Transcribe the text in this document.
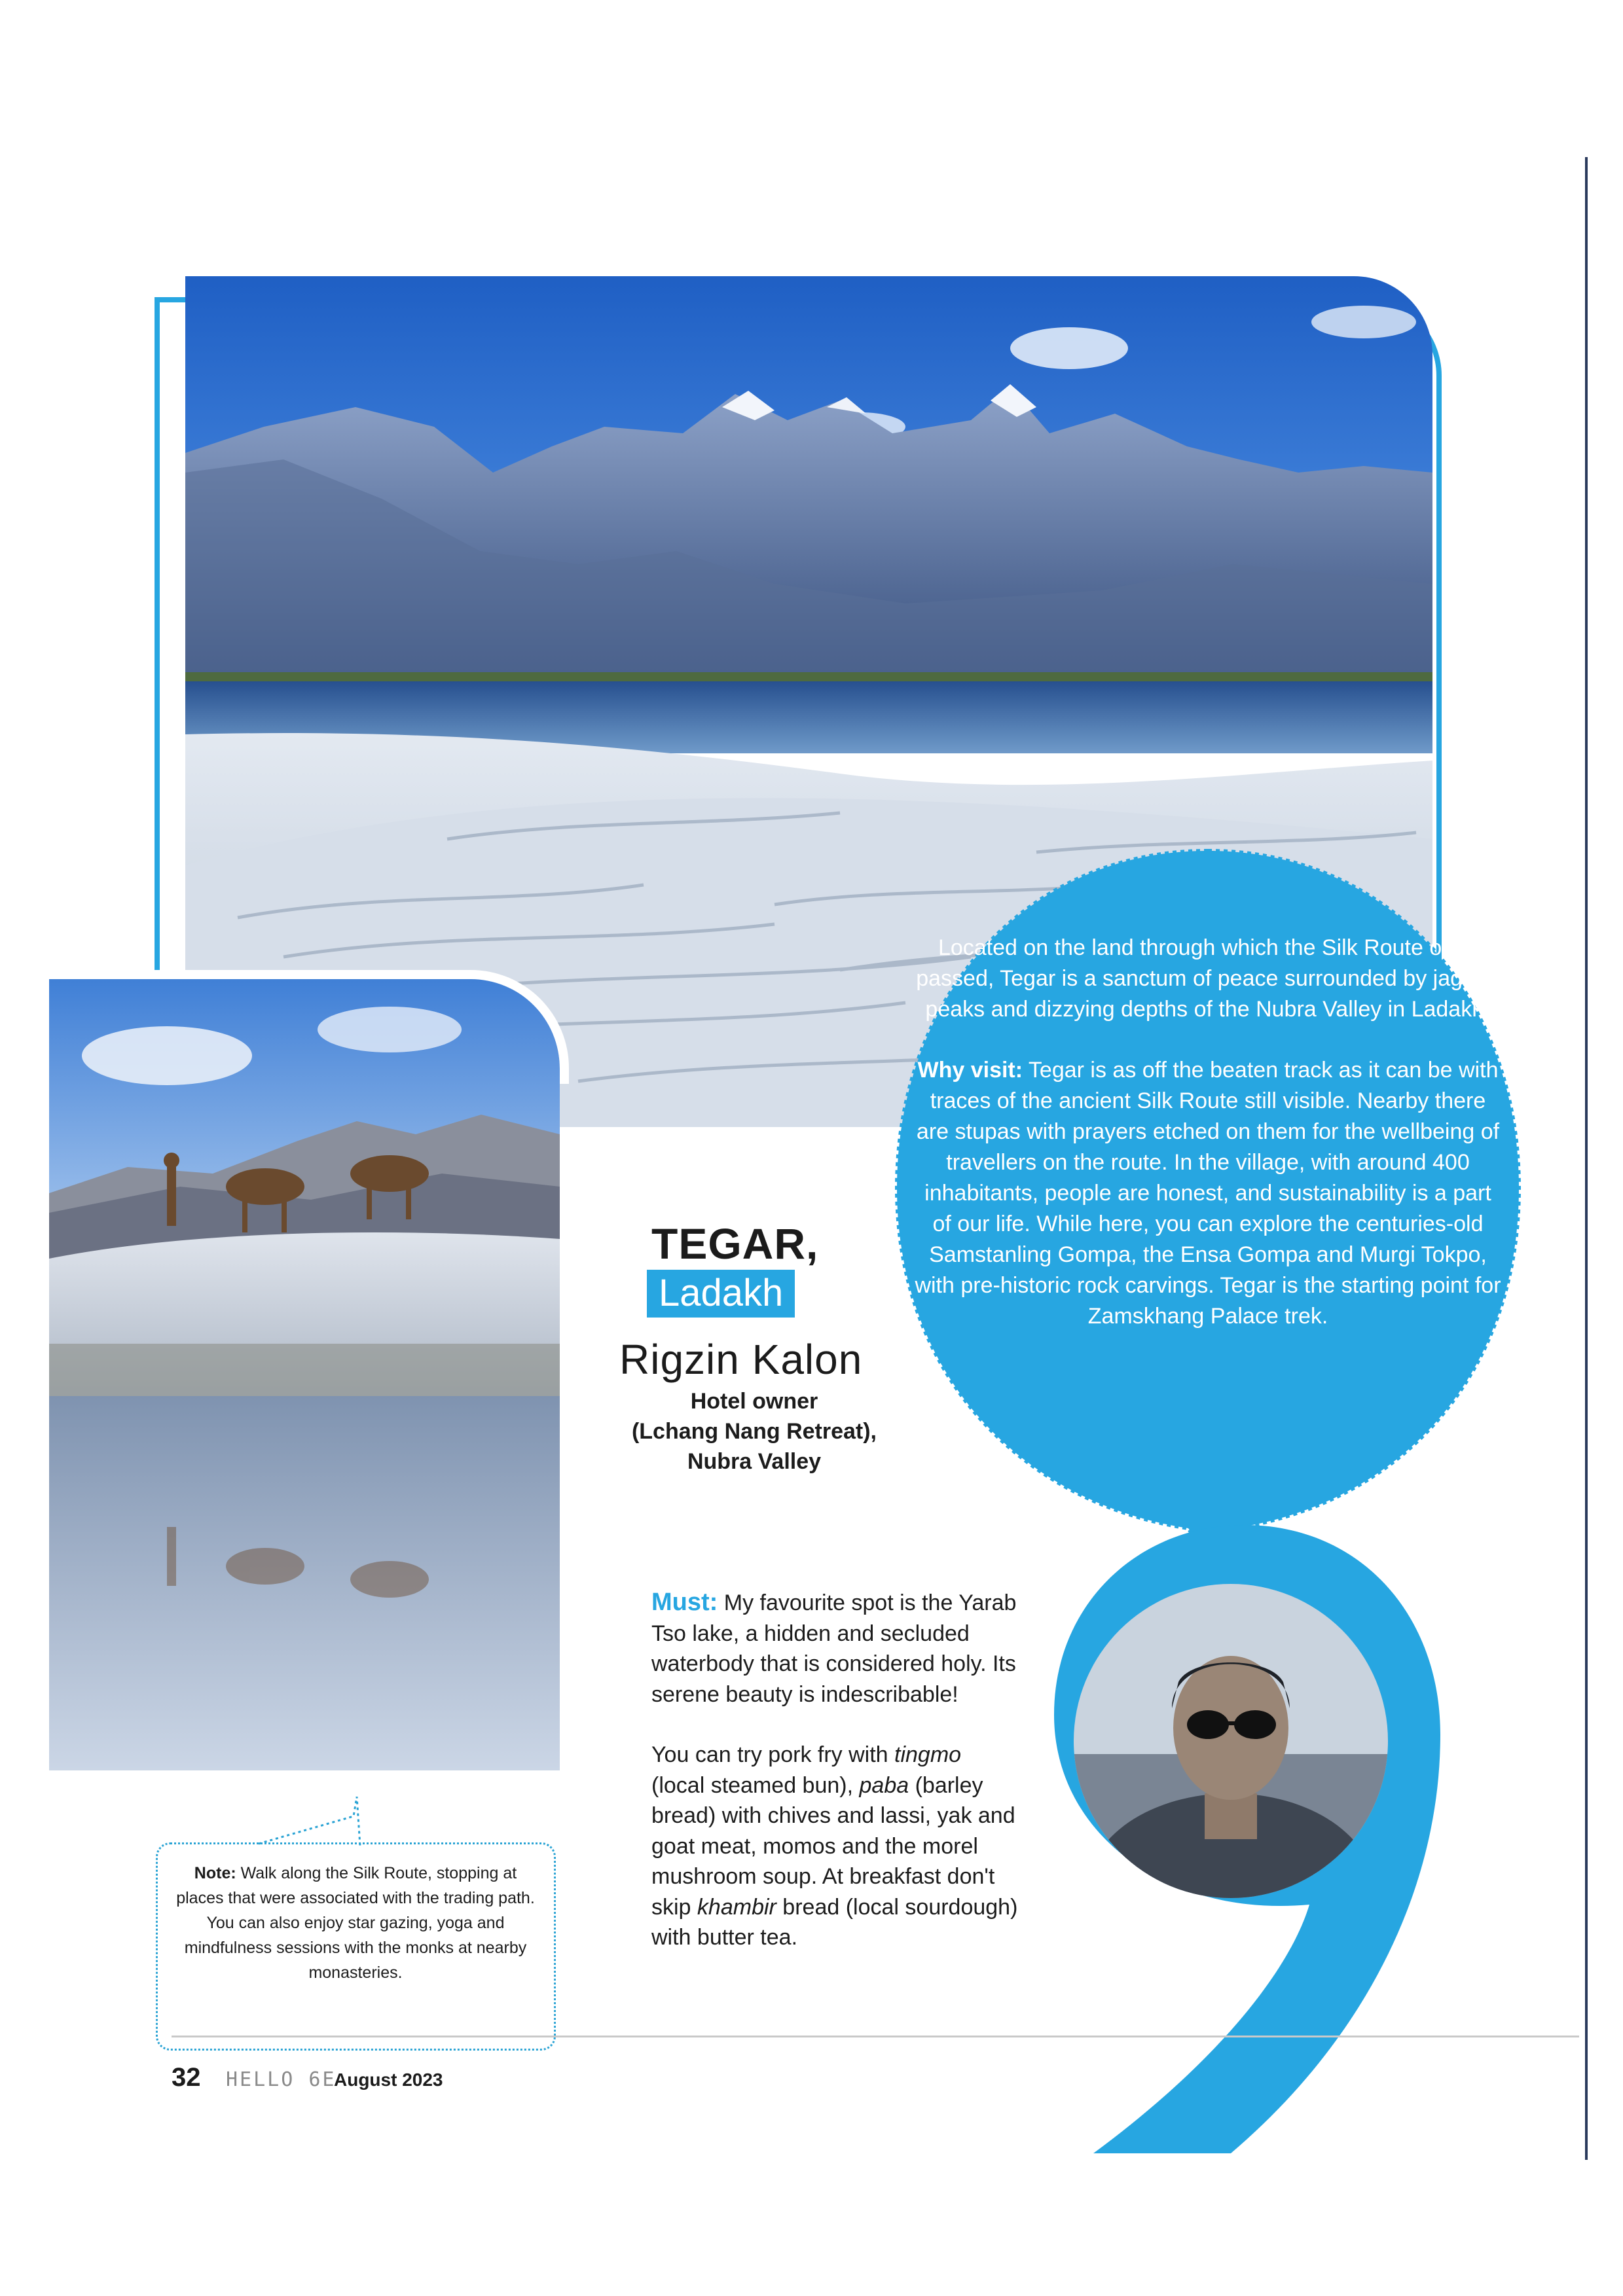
Located on the land through which the Silk Route once passed, Tegar is a sanctum of peace surrounded by jagged peaks and dizzying depths of the Nubra Valley in Ladakh.
Why visit: Tegar is as off the beaten track as it can be with traces of the ancient Silk Route still visible. Nearby there are stupas with prayers etched on them for the wellbeing of travellers on the route. In the village, with around 400 inhabitants, people are honest, and sustainability is a part of our life. While here, you can explore the centuries-old Samstanling Gompa, the Ensa Gompa and Murgi Tokpo, with pre-historic rock carvings. Tegar is the starting point for Zamskhang Palace trek.
TEGAR,
Ladakh
Rigzin Kalon
Hotel owner
(Lchang Nang Retreat),
Nubra Valley
Must: My favourite spot is the Yarab Tso lake, a hidden and secluded waterbody that is considered holy. Its serene beauty is indescribable!
You can try pork fry with tingmo (local steamed bun), paba (barley bread) with chives and lassi, yak and goat meat, momos and the morel mushroom soup. At breakfast don't skip khambir bread (local sourdough) with butter tea.
Note: Walk along the Silk Route, stopping at places that were associated with the trading path. You can also enjoy star gazing, yoga and mindfulness sessions with the monks at nearby monasteries.
32 HELLO 6E
August 2023
